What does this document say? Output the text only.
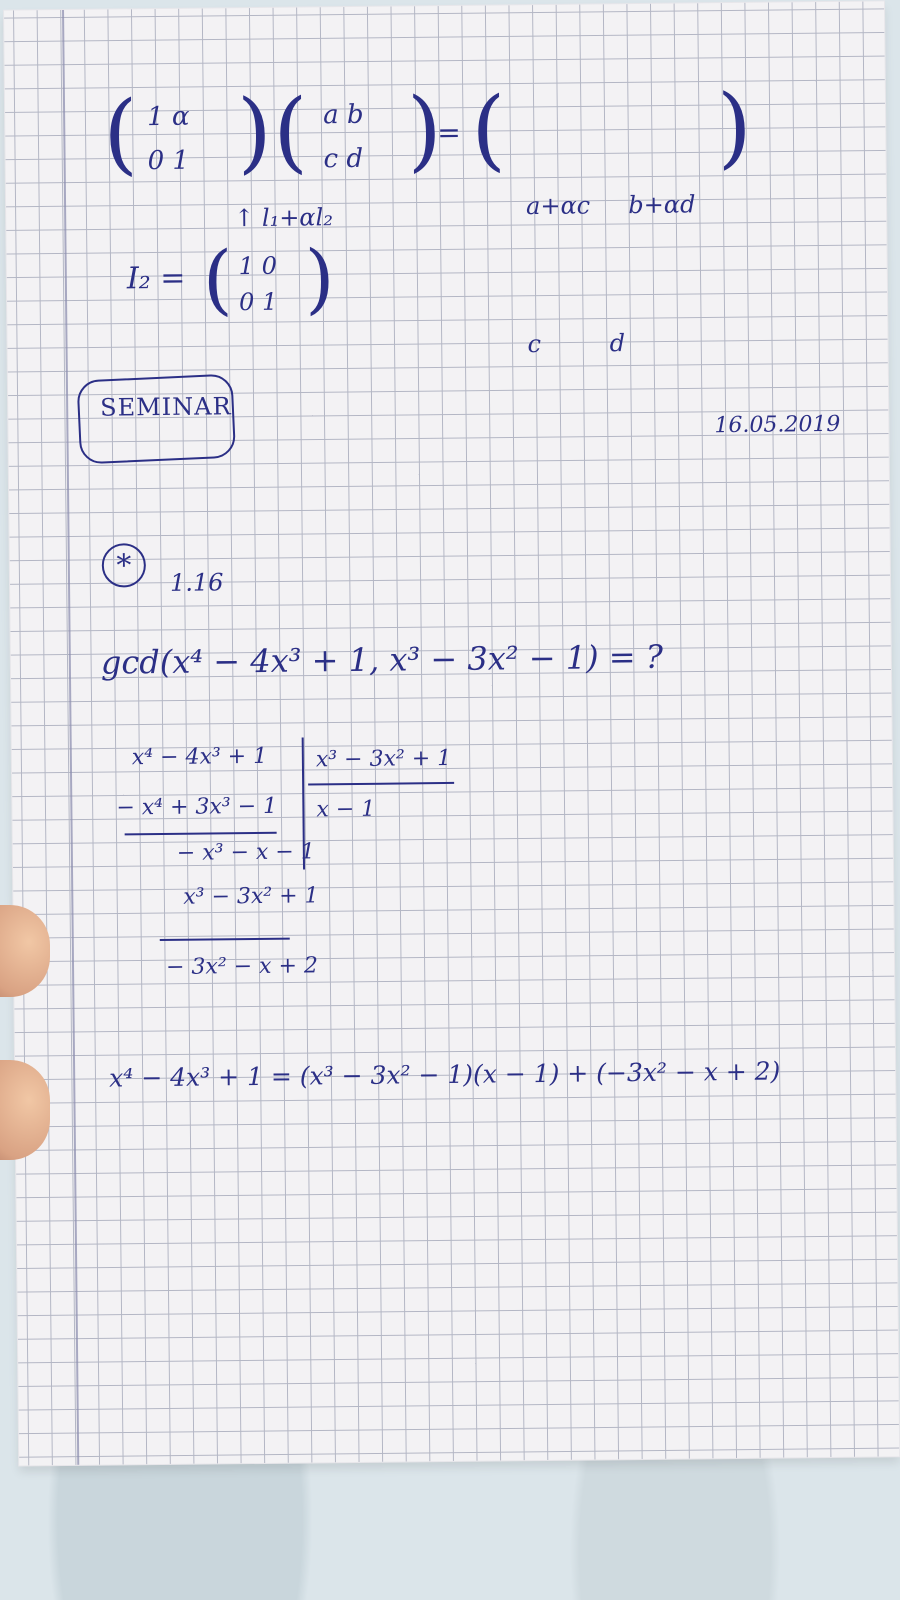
( 1 α
0 1 ) ( a b
c d )
= (

a+αc     b+αd

c         d

)
↑ l₁+αl₂
I₂ = ( 1 0
0 1 )
SEMINAR
16.05.2019
* 1.16
gcd(x⁴ − 4x³ + 1, x³ − 3x² − 1) = ?
x⁴ − 4x³ + 1 x³ − 3x² + 1
x − 1
− x⁴ + 3x³ − 1
− x³ − x − 1
x³ − 3x² + 1
− 3x² − x + 2
x⁴ − 4x³ + 1 = (x³ − 3x² − 1)(x − 1) + (−3x² − x + 2)
